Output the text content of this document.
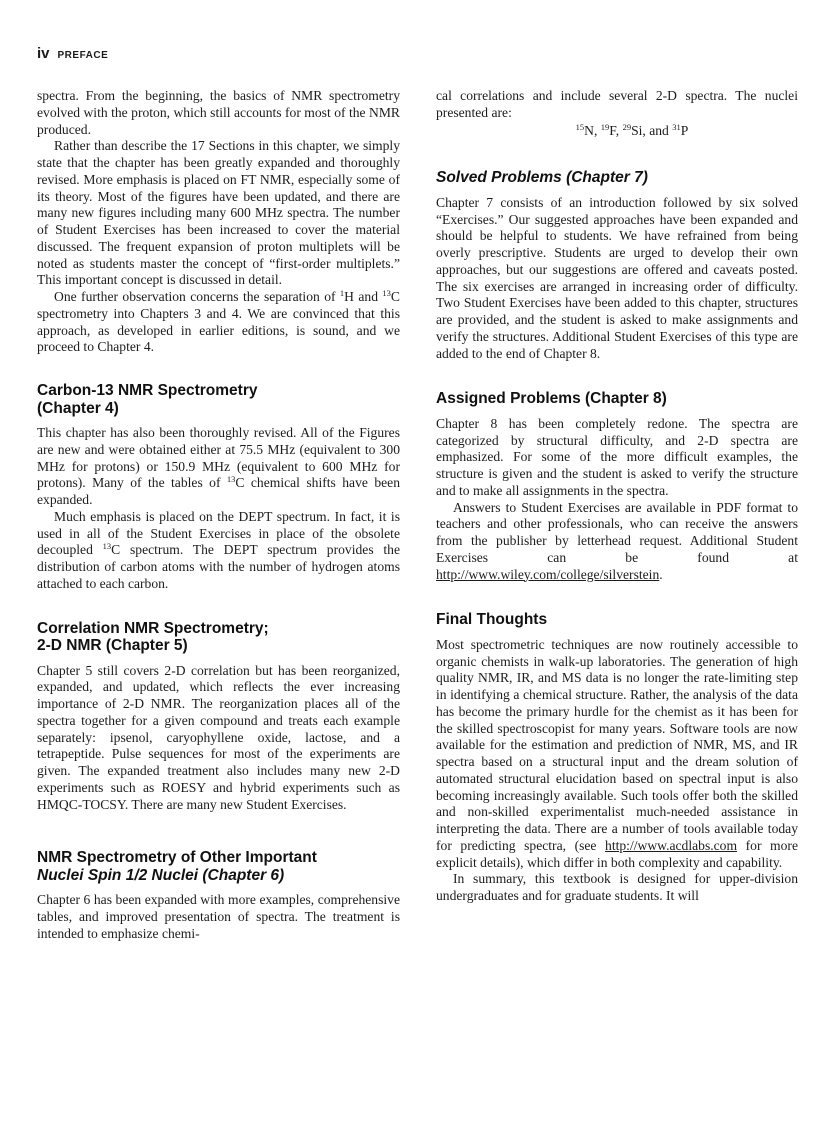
iv PREFACE

spectra. From the beginning, the basics of NMR spectrometry evolved with the proton, which still accounts for most of the NMR produced.

Rather than describe the 17 Sections in this chapter, we simply state that the chapter has been greatly expanded and thoroughly revised. More emphasis is placed on FT NMR, especially some of its theory. Most of the figures have been updated, and there are many new figures including many 600 MHz spectra. The number of Student Exercises has been increased to cover the material discussed. The frequent expansion of proton multiplets will be noted as students master the concept of “first-order multiplets.” This important concept is discussed in detail.

One further observation concerns the separation of $^1$H and $^{13}$C spectrometry into Chapters 3 and 4. We are convinced that this approach, as developed in earlier editions, is sound, and we proceed to Chapter 4.

Carbon-13 NMR Spectrometry
(Chapter 4)

This chapter has also been thoroughly revised. All of the Figures are new and were obtained either at 75.5 MHz (equivalent to 300 MHz for protons) or 150.9 MHz (equivalent to 600 MHz for protons). Many of the tables of $^{13}$C chemical shifts have been expanded.

Much emphasis is placed on the DEPT spectrum. In fact, it is used in all of the Student Exercises in place of the obsolete decoupled $^{13}$C spectrum. The DEPT spectrum provides the distribution of carbon atoms with the number of hydrogen atoms attached to each carbon.

Correlation NMR Spectrometry;
2-D NMR (Chapter 5)

Chapter 5 still covers 2-D correlation but has been reorganized, expanded, and updated, which reflects the ever increasing importance of 2-D NMR. The reorganization places all of the spectra together for a given compound and treats each example separately: ipsenol, caryophyllene oxide, lactose, and a tetrapeptide. Pulse sequences for most of the experiments are given. The expanded treatment also includes many new 2-D experiments such as ROESY and hybrid experiments such as HMQC-TOCSY. There are many new Student Exercises.

NMR Spectrometry of Other Important
Nuclei Spin 1/2 Nuclei (Chapter 6)

Chapter 6 has been expanded with more examples, comprehensive tables, and improved presentation of spectra. The treatment is intended to emphasize chemi-

cal correlations and include several 2-D spectra. The nuclei presented are:

$^{15}$N, $^{19}$F, $^{29}$Si, and $^{31}$P

Solved Problems (Chapter 7)

Chapter 7 consists of an introduction followed by six solved “Exercises.” Our suggested approaches have been expanded and should be helpful to students. We have refrained from being overly prescriptive. Students are urged to develop their own approaches, but our suggestions are offered and caveats posted. The six exercises are arranged in increasing order of difficulty. Two Student Exercises have been added to this chapter, structures are provided, and the student is asked to make assignments and verify the structures. Additional Student Exercises of this type are added to the end of Chapter 8.

Assigned Problems (Chapter 8)

Chapter 8 has been completely redone. The spectra are categorized by structural difficulty, and 2-D spectra are emphasized. For some of the more difficult examples, the structure is given and the student is asked to verify the structure and to make all assignments in the spectra.

Answers to Student Exercises are available in PDF format to teachers and other professionals, who can receive the answers from the publisher by letterhead request. Additional Student Exercises can be found at http://www.wiley.com/college/silverstein.

Final Thoughts

Most spectrometric techniques are now routinely accessible to organic chemists in walk-up laboratories. The generation of high quality NMR, IR, and MS data is no longer the rate-limiting step in identifying a chemical structure. Rather, the analysis of the data has become the primary hurdle for the chemist as it has been for the skilled spectroscopist for many years. Software tools are now available for the estimation and prediction of NMR, MS, and IR spectra based on a structural input and the dream solution of automated structural elucidation based on spectral input is also becoming increasingly available. Such tools offer both the skilled and non-skilled experimentalist much-needed assistance in interpreting the data. There are a number of tools available today for predicting spectra, (see http://www.acdlabs.com for more explicit details), which differ in both complexity and capability.

In summary, this textbook is designed for upper-division undergraduates and for graduate students. It will
